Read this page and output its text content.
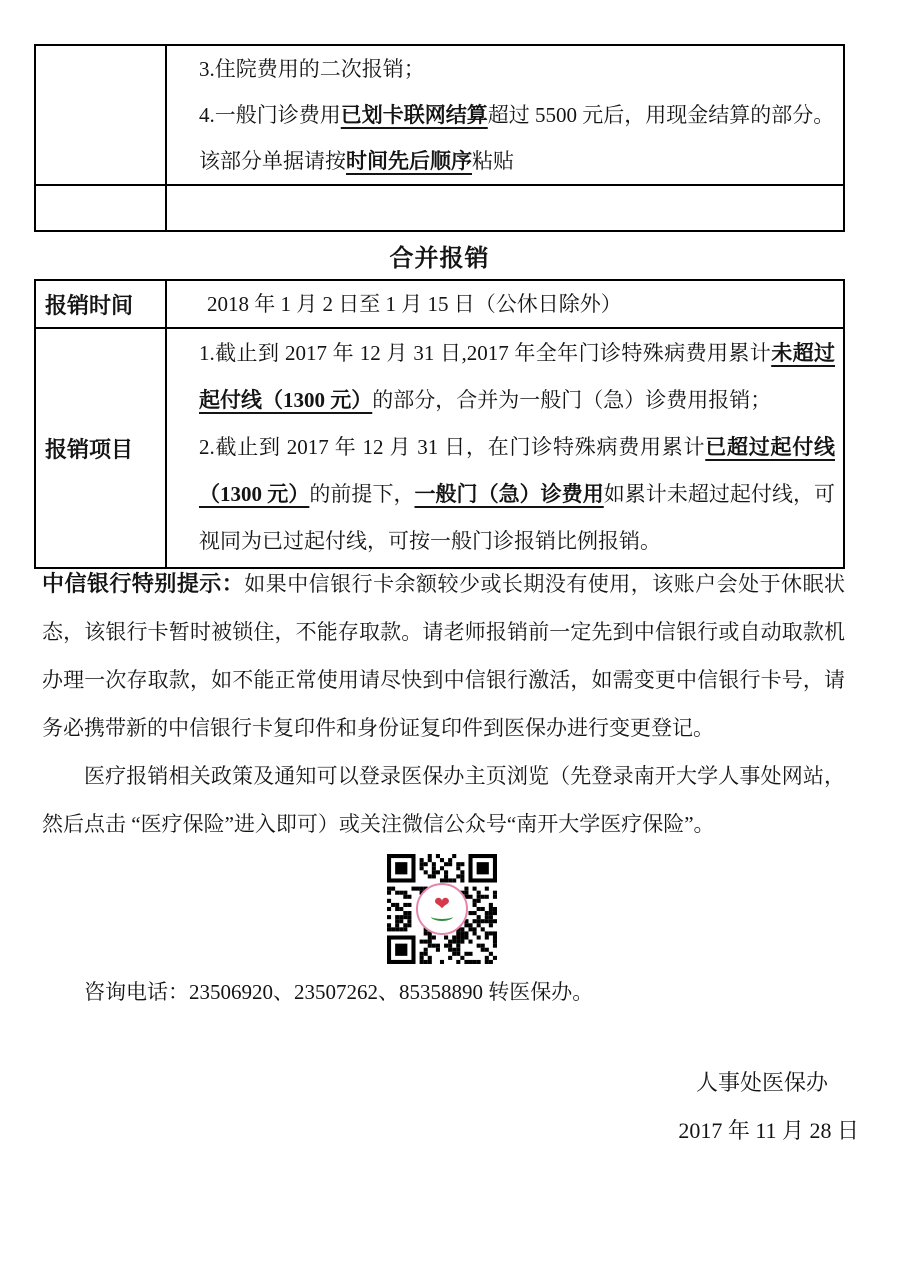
3.住院费用的二次报销；
4.一般门诊费用已划卡联网结算超过 5500 元后，用现金结算的部分。
该部分单据请按时间先后顺序粘贴
合并报销
报销时间	2018 年 1 月 2 日至 1 月 15 日（公休日除外）
报销项目

1.截止到 2017 年 12 月 31 日,2017 年全年门诊特殊病费用累计未超过起付线（1300 元）的部分，合并为一般门（急）诊费用报销；

2.截止到 2017 年 12 月 31 日，在门诊特殊病费用累计已超过起付线 （1300 元）的前提下，一般门（急）诊费用如累计未超过起付线，可视同为已过起付线，可按一般门诊报销比例报销。

中信银行特别提示：如果中信银行卡余额较少或长期没有使用，该账户会处于休眠状态，该银行卡暂时被锁住，不能存取款。请老师报销前一定先到中信银行或自动取款机办理一次存取款，如不能正常使用请尽快到中信银行激活，如需变更中信银行卡号，请务必携带新的中信银行卡复印件和身份证复印件到医保办进行变更登记。

医疗报销相关政策及通知可以登录医保办主页浏览（先登录南开大学人事处网站，然后点击 “医疗保险”进入即可）或关注微信公众号“南开大学医疗保险”。

❤
咨询电话：23506920、23507262、85358890 转医保办。
人事处医保办
2017 年 11 月 28 日
